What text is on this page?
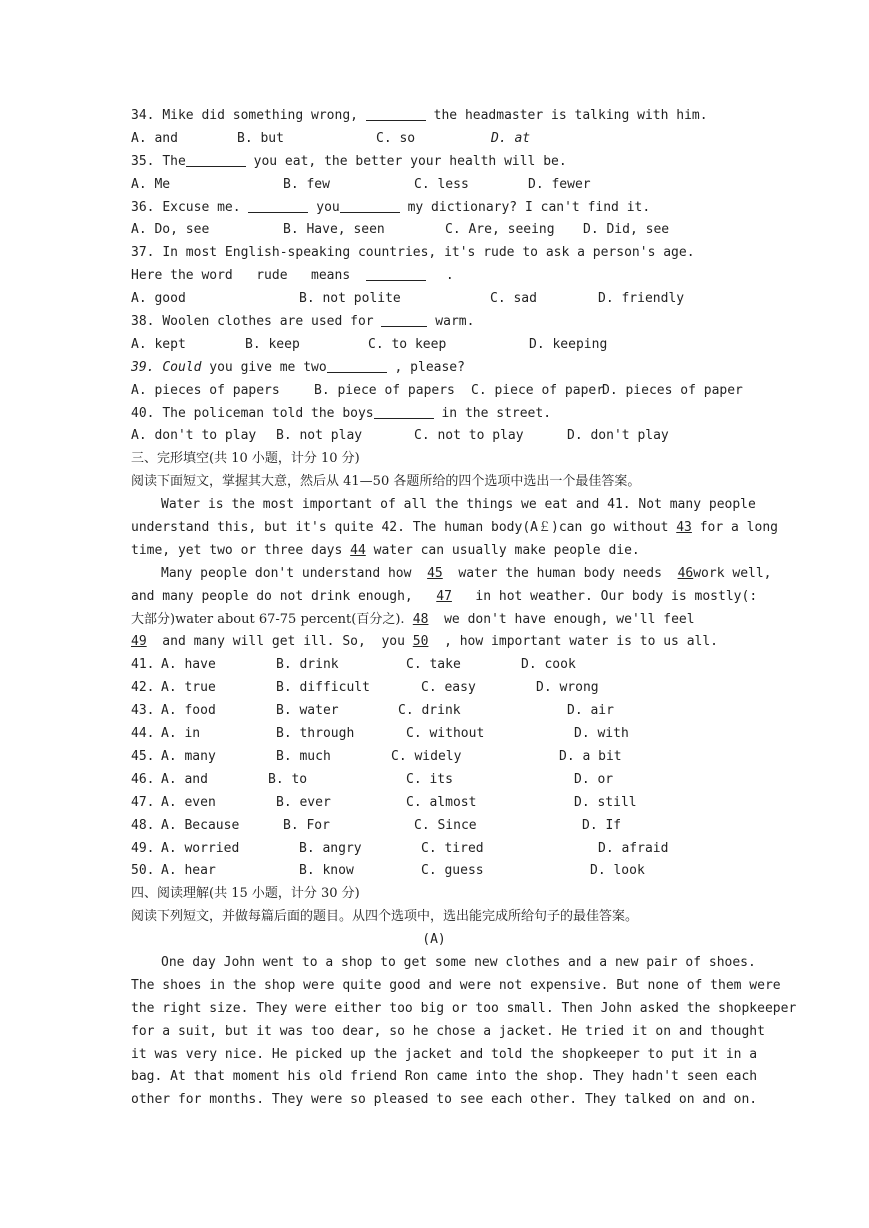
34. Mike did something wrong,	the headmaster is talking with him.
A. and	B. but	C. so	D. at
35. The	you eat, the better your health will be.
A. Me	B. few	C. less	D. fewer
36. Excuse me.	you	my dictionary? I can't find it.
A. Do, see	B. Have, seen	C. Are, seeing D. Did, see
37. In most English-speaking countries, it's rude to ask a person's age.
Here the word   rude   means	.
A. good	B. not polite	C. sad	D. friendly
38. Woolen clothes are used for	warm.
A. kept	B. keep	C. to keep	D. keeping
39. Could you give me two	, please?
A. pieces of papers	B. piece of papers C. piece of paper
D. pieces of paper
40. The policeman told the boys	in the street.
A. don't to play B. not play	C. not to play	D. don't play
三、完形填空(共 10 小题，计分 10 分)
阅读下面短文，掌握其大意，然后从 41—50 各题所给的四个选项中选出一个最佳答案。
Water is the most important of all the things we eat and 41. Not many people
understand this, but it's quite 42. The human body(A￡)can go without 43 for a long
time, yet two or three days 44 water can usually make people die.
Many people don't understand how  45  water the human body needs  46work well,
and many people do not drink enough,   47   in hot weather. Our body is mostly(:
大部分)water about 67-75 percent(百分之).  48  we don't have enough, we'll feel
49  and many will get ill. So,  you 50  , how important water is to us all.
41. A. have	B. drink	C. take	D. cook
42. A. true	B. difficult	C. easy	D. wrong
43. A. food	B. water	C. drink	D. air
44. A. in	B. through	C. without	D. with
45. A. many	B. much	C. widely	D. a bit
46. A. and	B. to	C. its	D. or
47. A. even	B. ever	C. almost	D. still
48. A. Because	B. For	C. Since	D. If
49. A. worried	B. angry	C. tired	D. afraid
50. A. hear	B. know	C. guess	D. look
四、阅读理解(共 15 小题，计分 30 分)
阅读下列短文，并做每篇后面的题目。从四个选项中，选出能完成所给句子的最佳答案。
(A)
One day John went to a shop to get some new clothes and a new pair of shoes.
The shoes in the shop were quite good and were not expensive. But none of them were
the right size. They were either too big or too small. Then John asked the shopkeeper
for a suit, but it was too dear, so he chose a jacket. He tried it on and thought
it was very nice. He picked up the jacket and told the shopkeeper to put it in a
bag. At that moment his old friend Ron came into the shop. They hadn't seen each
other for months. They were so pleased to see each other. They talked on and on.
